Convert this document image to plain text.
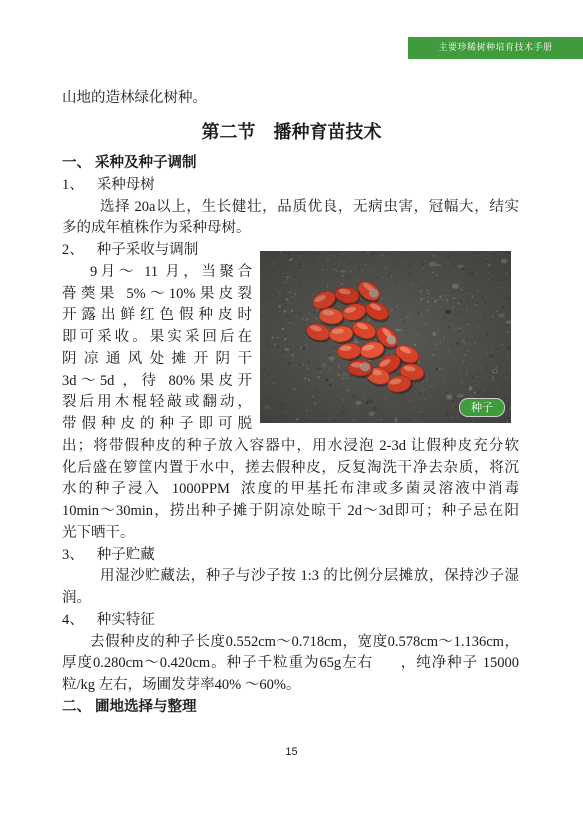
主要珍稀树种培育技术手册
山地的造林绿化树种。
第二节 播种育苗技术
一、 采种及种子调制
1、 采种母树
选择 20a以上，生长健壮，品质优良，无病虫害，冠幅大，结实
多的成年植株作为采种母树。
2、 种子采收与调制
9月～ 11 月，当聚合
蓇葖果 5%～10%果皮裂
开露出鲜红色假种皮时
即可采收。果实采回后在
阴凉通风处摊开阴干
3d～5d ，待 80%果皮开
裂后用木棍轻敲或翻动，
带假种皮的种子即可脱
出；将带假种皮的种子放入容器中，用水浸泡 2-3d 让假种皮充分软
化后盛在箩筐内置于水中，搓去假种皮，反复淘洗干净去杂质，将沉
水的种子浸入  1000PPM  浓度的甲基托布津或多菌灵溶液中消毒
10min～30min，捞出种子摊于阴凉处晾干 2d～3d即可；种子忌在阳
光下晒干。
种子
3、 种子贮藏
用湿沙贮藏法，种子与沙子按 1:3 的比例分层摊放，保持沙子湿
润。
4、 种实特征
去假种皮的种子长度0.552cm～0.718cm，宽度0.578cm～1.136cm，
厚度0.280cm～0.420cm。种子千粒重为65g左右      ，纯净种子 15000
粒/kg 左右，场圃发芽率40% ～60%。
二、 圃地选择与整理
15
